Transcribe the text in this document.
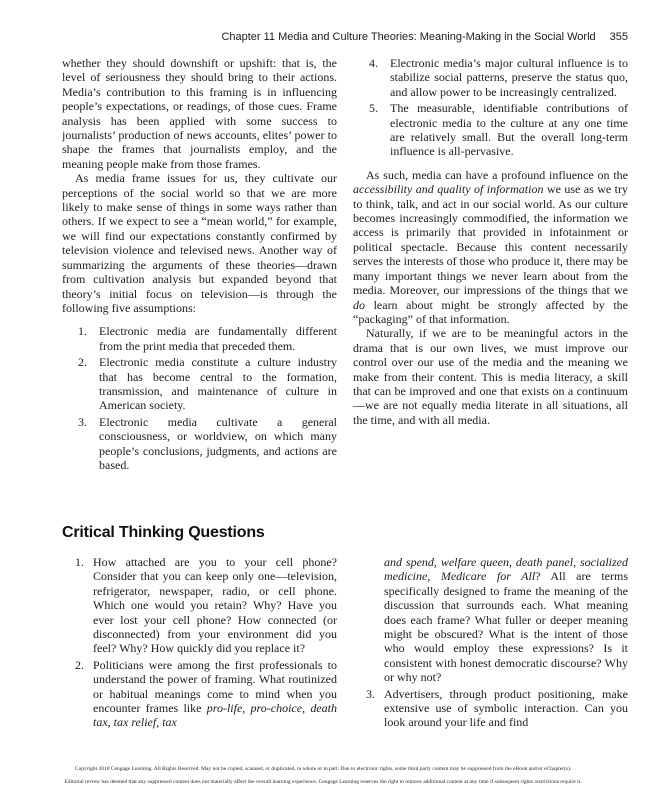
Chapter 11 Media and Culture Theories: Meaning-Making in the Social World 355

whether they should downshift or upshift: that is, the level of seriousness they should bring to their actions. Media’s contribution to this framing is in influencing people’s expectations, or readings, of those cues. Frame analysis has been applied with some success to journalists’ production of news accounts, elites’ power to shape the frames that journalists employ, and the meaning people make from those frames.

As media frame issues for us, they cultivate our perceptions of the social world so that we are more likely to make sense of things in some ways rather than others. If we expect to see a “mean world,” for example, we will find our expectations constantly confirmed by television violence and televised news. Another way of summarizing the arguments of these theories—drawn from cultivation analysis but expanded beyond that theory’s initial focus on television—is through the following five assumptions:

1. Electronic media are fundamentally different from the print media that preceded them.
2. Electronic media constitute a culture industry that has become central to the formation, transmission, and maintenance of culture in American society.
3. Electronic media cultivate a general consciousness, or worldview, on which many people’s conclusions, judgments, and actions are based.
4. Electronic media’s major cultural influence is to stabilize social patterns, preserve the status quo, and allow power to be increasingly centralized.
5. The measurable, identifiable contributions of electronic media to the culture at any one time are relatively small. But the overall long-term influence is all-pervasive.

As such, media can have a profound influence on the accessibility and quality of information we use as we try to think, talk, and act in our social world. As our culture becomes increasingly commodified, the information we access is primarily that provided in infotainment or political spectacle. Because this content necessarily serves the interests of those who produce it, there may be many important things we never learn about from the media. Moreover, our impressions of the things that we do learn about might be strongly affected by the “packaging” of that information.

Naturally, if we are to be meaningful actors in the drama that is our own lives, we must improve our control over our use of the media and the meaning we make from their content. This is media literacy, a skill that can be improved and one that exists on a continuum—we are not equally media literate in all situations, all the time, and with all media.

Critical Thinking Questions
1. How attached are you to your cell phone? Consider that you can keep only one—television, refrigerator, newspaper, radio, or cell phone. Which one would you retain? Why? Have you ever lost your cell phone? How connected (or disconnected) from your environment did you feel? Why? How quickly did you replace it?
2. Politicians were among the first professionals to understand the power of framing. What routinized or habitual meanings come to mind when you encounter frames like pro-life, pro-choice, death tax, tax relief, tax

and spend, welfare queen, death panel, socialized medicine, Medicare for All? All are terms specifically designed to frame the meaning of the discussion that surrounds each. What meaning does each frame? What fuller or deeper meaning might be obscured? What is the intent of those who would employ these expressions? Is it consistent with honest democratic discourse? Why or why not?

3. Advertisers, through product positioning, make extensive use of symbolic interaction. Can you look around your life and find
Copyright 2010 Cengage Learning. All Rights Reserved. May not be copied, scanned, or duplicated, in whole or in part. Due to electronic rights, some third party content may be suppressed from the eBook and/or eChapter(s).
Editorial review has deemed that any suppressed content does not materially affect the overall learning experience. Cengage Learning reserves the right to remove additional content at any time if subsequent rights restrictions require it.
